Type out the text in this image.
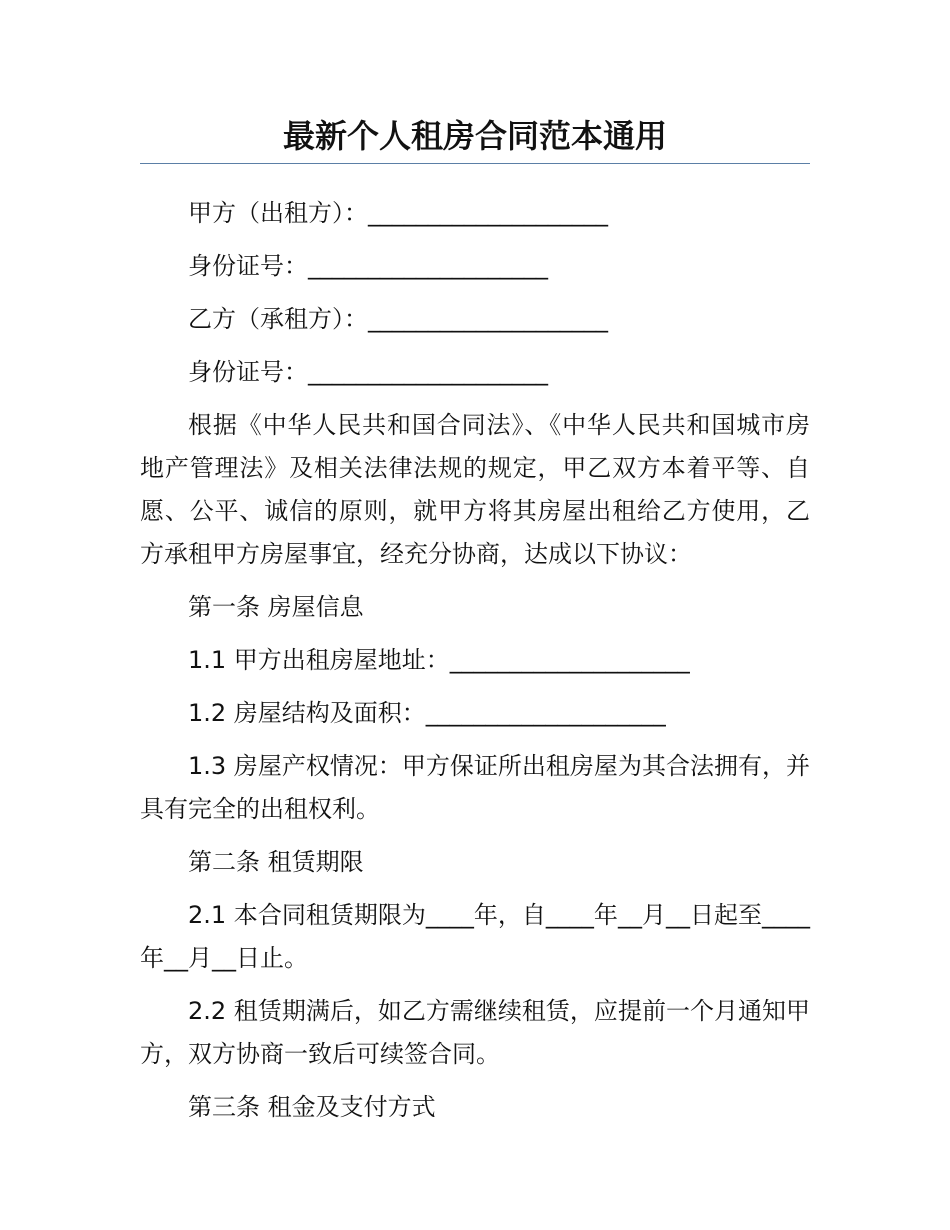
最新个人租房合同范本通用

甲方（出租方）：____________________

身份证号：____________________

乙方（承租方）：____________________

身份证号：____________________

根据《中华人民共和国合同法》、《中华人民共和国城市房地产管理法》及相关法律法规的规定，甲乙双方本着平等、自愿、公平、诚信的原则，就甲方将其房屋出租给乙方使用，乙方承租甲方房屋事宜，经充分协商，达成以下协议：

第一条 房屋信息

1.1 甲方出租房屋地址：____________________

1.2 房屋结构及面积：____________________

1.3 房屋产权情况：甲方保证所出租房屋为其合法拥有，并具有完全的出租权利。

第二条 租赁期限

2.1 本合同租赁期限为____年，自____年__月__日起至____年__月__日止。

2.2 租赁期满后，如乙方需继续租赁，应提前一个月通知甲方，双方协商一致后可续签合同。

第三条 租金及支付方式
